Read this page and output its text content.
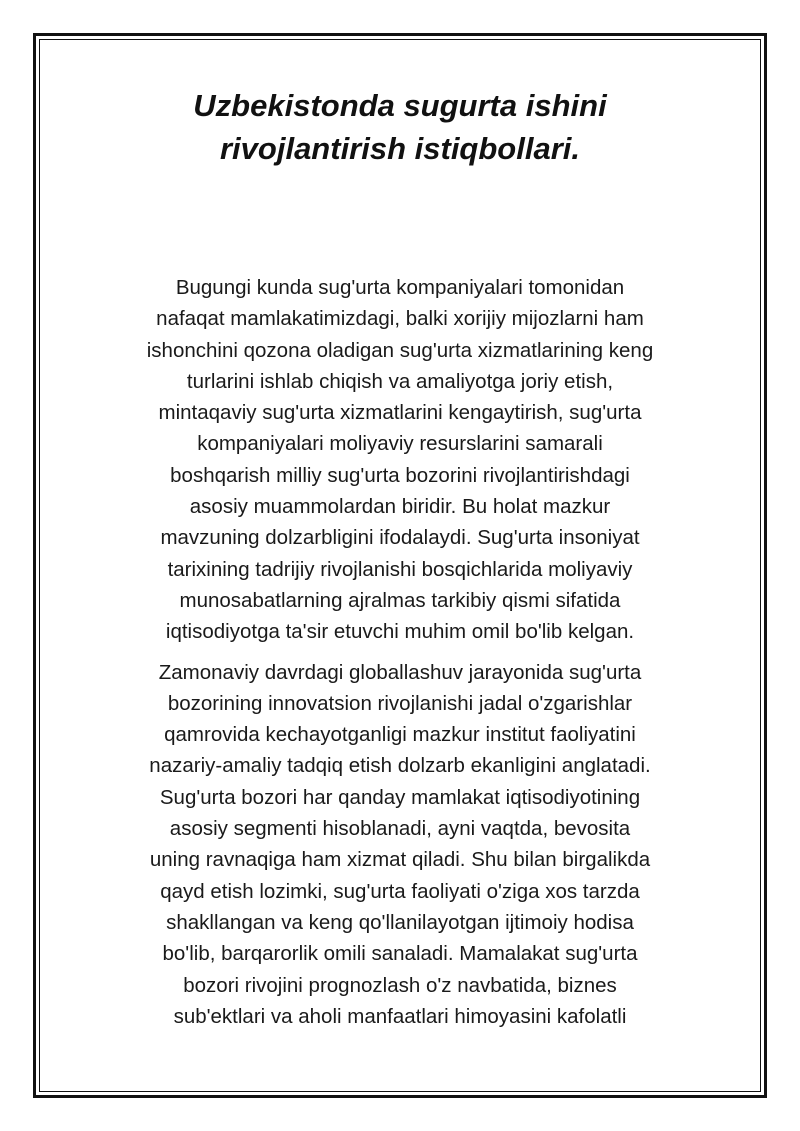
Uzbekistonda sugurta ishini
rivojlantirish istiqbollari.

Bugungi kunda sug'urta kompaniyalari tomonidan
nafaqat mamlakatimizdagi, balki xorijiy mijozlarni ham
ishonchini qozona oladigan sug'urta xizmatlarining keng
turlarini ishlab chiqish va amaliyotga joriy etish,
mintaqaviy sug'urta xizmatlarini kengaytirish, sug'urta
kompaniyalari moliyaviy resurslarini samarali
boshqarish milliy sug'urta bozorini rivojlantirishdagi
asosiy muammolardan biridir. Bu holat mazkur
mavzuning dolzarbligini ifodalaydi. Sug'urta insoniyat
tarixining tadrijiy rivojlanishi bosqichlarida moliyaviy
munosabatlarning ajralmas tarkibiy qismi sifatida
iqtisodiyotga ta'sir etuvchi muhim omil bo'lib kelgan.

Zamonaviy davrdagi globallashuv jarayonida sug'urta
bozorining innovatsion rivojlanishi jadal o'zgarishlar
qamrovida kechayotganligi mazkur institut faoliyatini
nazariy-amaliy tadqiq etish dolzarb ekanligini anglatadi.
Sug'urta bozori har qanday mamlakat iqtisodiyotining
asosiy segmenti hisoblanadi, ayni vaqtda, bevosita
uning ravnaqiga ham xizmat qiladi. Shu bilan birgalikda
qayd etish lozimki, sug'urta faoliyati o'ziga xos tarzda
shakllangan va keng qo'llanilayotgan ijtimoiy hodisa
bo'lib, barqarorlik omili sanaladi. Mamalakat sug'urta
bozori rivojini prognozlash o'z navbatida, biznes
sub'ektlari va aholi manfaatlari himoyasini kafolatli
